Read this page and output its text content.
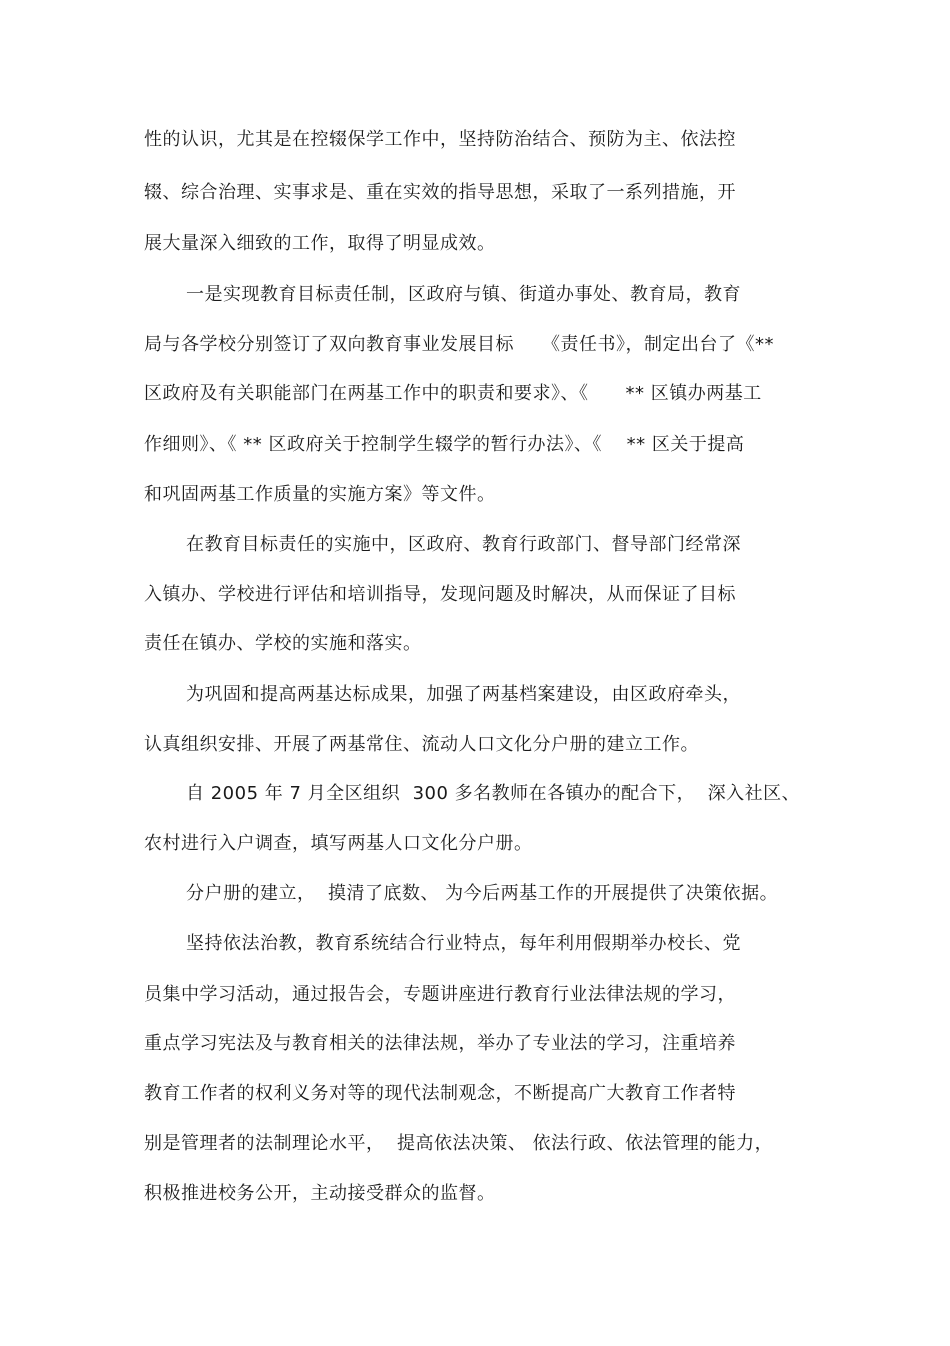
性的认识，尤其是在控辍保学工作中，坚持防治结合、预防为主、依法控
辍、综合治理、实事求是、重在实效的指导思想，采取了一系列措施，开
展大量深入细致的工作，取得了明显成效。
一是实现教育目标责任制，区政府与镇、街道办事处、教育局，教育
局与各学校分别签订了双向教育事业发展目标　　《责任书》，制定出台了《**
区政府及有关职能部门在两基工作中的职责和要求》、《　　** 区镇办两基工
作细则》、《 ** 区政府关于控制学生辍学的暂行办法》、《　 ** 区关于提高
和巩固两基工作质量的实施方案》等文件。
在教育目标责任的实施中，区政府、教育行政部门、督导部门经常深
入镇办、学校进行评估和培训指导，发现问题及时解决，从而保证了目标
责任在镇办、学校的实施和落实。
为巩固和提高两基达标成果，加强了两基档案建设，由区政府牵头，
认真组织安排、开展了两基常住、流动人口文化分户册的建立工作。
自 2005 年 7 月全区组织  300 多名教师在各镇办的配合下，  深入社区、
农村进行入户调查，填写两基人口文化分户册。
分户册的建立，  摸清了底数、 为今后两基工作的开展提供了决策依据。
坚持依法治教，教育系统结合行业特点，每年利用假期举办校长、党
员集中学习活动，通过报告会，专题讲座进行教育行业法律法规的学习，
重点学习宪法及与教育相关的法律法规，举办了专业法的学习，注重培养
教育工作者的权利义务对等的现代法制观念，不断提高广大教育工作者特
别是管理者的法制理论水平，  提高依法决策、 依法行政、依法管理的能力，
积极推进校务公开，主动接受群众的监督。
